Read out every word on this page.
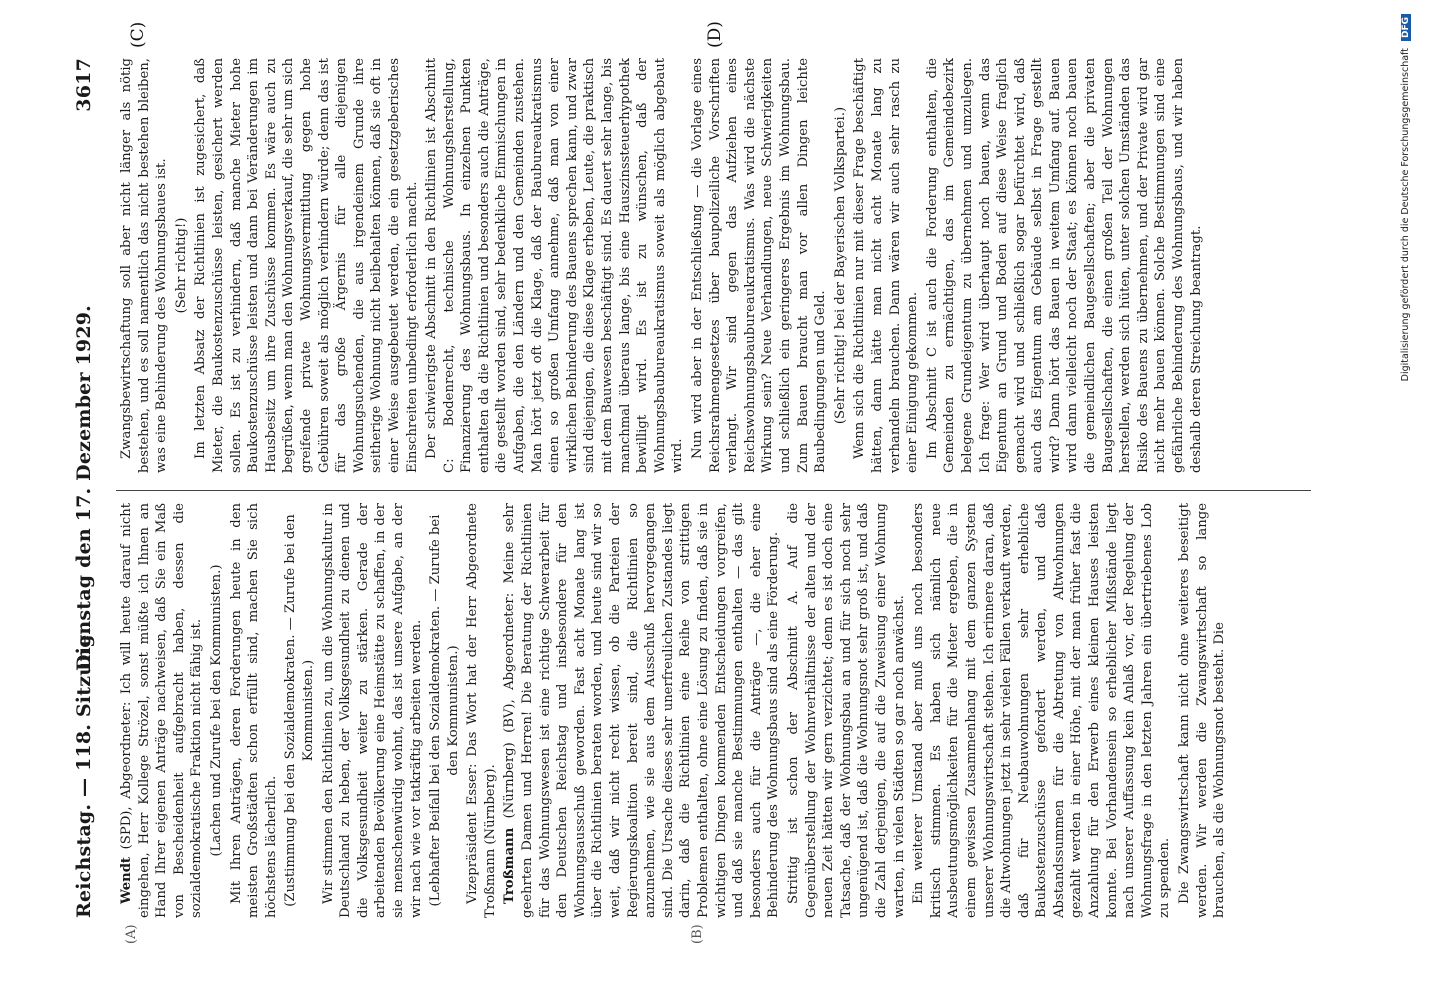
Reichstag. — 118. Sitzung.
Dienstag den 17. Dezember 1929.
3617
(A)	(B)
(C)	(D)

Wendt (SPD), Abgeordneter: Ich will heute darauf nicht eingehen, Herr Kollege Strözel, sonst müßte ich Ihnen an Hand Ihrer eigenen Anträge nachweisen, daß Sie ein Maß von Bescheidenheit aufgebracht haben, dessen die sozialdemokratische Fraktion nicht fähig ist. (Lachen und Zurufe bei den Kommunisten.) Mit Ihren Anträgen, deren Forderungen heute in den meisten Großstädten schon erfüllt sind, machen Sie sich höchstens lächerlich. (Zustimmung bei den Sozialdemokraten. — Zurufe bei den Kommunisten.) Wir stimmen den Richtlinien zu, um die Wohnungskultur in Deutschland zu heben, der Volksgesundheit zu dienen und die Volksgesundheit weiter zu stärken. Gerade der arbeitenden Bevölkerung eine Heimstätte zu schaffen, in der sie menschenwürdig wohnt, das ist unsere Aufgabe, an der wir nach wie vor tatkräftig arbeiten werden. (Lebhafter Beifall bei den Sozialdemokraten. — Zurufe bei den Kommunisten.) Vizepräsident Esser: Das Wort hat der Herr Abgeordnete Troßmann (Nürnberg). Troßmann (Nürnberg) (BV), Abgeordneter: Meine sehr geehrten Damen und Herren! Die Beratung der Richtlinien für das Wohnungswesen ist eine richtige Schwerarbeit für den Deutschen Reichstag und insbesondere für den Wohnungsausschuß geworden. Fast acht Monate lang ist über die Richtlinien beraten worden, und heute sind wir so weit, daß wir nicht recht wissen, ob die Parteien der Regierungskoalition bereit sind, die Richtlinien so anzunehmen, wie sie aus dem Ausschuß hervorgegangen sind. Die Ursache dieses sehr unerfreulichen Zustandes liegt darin, daß die Richtlinien eine Reihe von strittigen Problemen enthalten, ohne eine Lösung zu finden, daß sie in wichtigen Dingen kommenden Entscheidungen vorgreifen, und daß sie manche Bestimmungen enthalten — das gilt besonders auch für die Anträge —, die eher eine Behinderung des Wohnungsbaus sind als eine Förderung. Strittig ist schon der Abschnitt A. Auf die Gegenüberstellung der Wohnverhältnisse der alten und der neuen Zeit hätten wir gern verzichtet; denn es ist doch eine Tatsache, daß der Wohnungsbau an und für sich noch sehr ungenügend ist, daß die Wohnungsnot sehr groß ist, und daß die Zahl derjenigen, die auf die Zuweisung einer Wohnung warten, in vielen Städten so gar noch anwächst. Ein weiterer Umstand aber muß uns noch besonders kritisch stimmen. Es haben sich nämlich neue Ausbeutungsmöglichkeiten für die Mieter ergeben, die in einem gewissen Zusammenhang mit dem ganzen System unserer Wohnungswirtschaft stehen. Ich erinnere daran, daß die Altwohnungen jetzt in sehr vielen Fällen verkauft werden, daß für Neubauwohnungen sehr erhebliche Baukostenzuschüsse gefordert werden, und daß Abstandssummen für die Abtretung von Altwohnungen gezahlt werden in einer Höhe, mit der man früher fast die Anzahlung für den Erwerb eines kleinen Hauses leisten konnte. Bei Vorhandensein so erheblicher Mißstände liegt nach unserer Auffassung kein Anlaß vor, der Regelung der Wohnungsfrage in den letzten Jahren ein übertriebenes Lob zu spenden. Die Zwangswirtschaft kann nicht ohne weiteres beseitigt werden. Wir werden die Zwangswirtschaft so lange brauchen, als die Wohnungsnot besteht. Die

Zwangsbewirtschaftung soll aber nicht länger als nötig bestehen, und es soll namentlich das nicht bestehen bleiben, was eine Behinderung des Wohnungsbaues ist. (Sehr richtig!) Im letzten Absatz der Richtlinien ist zugesichert, daß Mieter, die Baukostenzuschüsse leisten, gesichert werden sollen. Es ist zu verhindern, daß manche Mieter hohe Baukostenzuschüsse leisten und dann bei Veränderungen im Hausbesitz um ihre Zuschüsse kommen. Es wäre auch zu begrüßen, wenn man den Wohnungsverkauf, die sehr um sich greifende private Wohnungsvermittlung gegen hohe Gebühren soweit als möglich verhindern würde; denn das ist für das große Ärgernis für alle diejenigen Wohnungsuchenden, die aus irgendeinem Grunde ihre seitherige Wohnung nicht beibehalten können, daß sie oft in einer Weise ausgebeutet werden, die ein gesetzgeberisches Einschreiten unbedingt erforderlich macht. Der schwierigste Abschnitt in den Richtlinien ist Abschnitt C: Bodenrecht, technische Wohnungsherstellung, Finanzierung des Wohnungsbaus. In einzelnen Punkten enthalten da die Richtlinien und besonders auch die Anträge, die gestellt worden sind, sehr bedenkliche Einmischungen in Aufgaben, die den Ländern und den Gemeinden zustehen. Man hört jetzt oft die Klage, daß der Baubureaukratismus einen so großen Umfang annehme, daß man von einer wirklichen Behinderung des Bauens sprechen kann, und zwar sind diejenigen, die diese Klage erheben, Leute, die praktisch mit dem Bauwesen beschäftigt sind. Es dauert sehr lange, bis manchmal überaus lange, bis eine Hauszinssteuerhypothek bewilligt wird. Es ist zu wünschen, daß der Wohnungsbaubureaukratismus soweit als möglich abgebaut wird. Nun wird aber in der Entschließung — die Vorlage eines Reichsrahmengesetzes über baupolizeiliche Vorschriften verlangt. Wir sind gegen das Aufziehen eines Reichswohnungsbaubureaukratismus. Was wird die nächste Wirkung sein? Neue Verhandlungen, neue Schwierigkeiten und schließlich ein geringeres Ergebnis im Wohnungsbau. Zum Bauen braucht man vor allen Dingen leichte Baubedingungen und Geld. (Sehr richtig! bei der Bayerischen Volkspartei.) Wenn sich die Richtlinien nur mit dieser Frage beschäftigt hätten, dann hätte man nicht acht Monate lang zu verhandeln brauchen. Dann wären wir auch sehr rasch zu einer Einigung gekommen. Im Abschnitt C ist auch die Forderung enthalten, die Gemeinden zu ermächtigen, das im Gemeindebezirk belegene Grundeigentum zu übernehmen und umzulegen. Ich frage: Wer wird überhaupt noch bauen, wenn das Eigentum an Grund und Boden auf diese Weise fraglich gemacht wird und schließlich sogar befürchtet wird, daß auch das Eigentum am Gebäude selbst in Frage gestellt wird? Dann hört das Bauen in weitem Umfang auf. Bauen wird dann vielleicht noch der Staat; es können noch bauen die gemeindlichen Baugesellschaften; aber die privaten Baugesellschaften, die einen großen Teil der Wohnungen herstellen, werden sich hüten, unter solchen Umständen das Risiko des Bauens zu übernehmen, und der Private wird gar nicht mehr bauen können. Solche Bestimmungen sind eine gefährliche Behinderung des Wohnungsbaus, und wir haben deshalb deren Streichung beantragt.	Digitalisierung gefördert durch die Deutsche Forschungsgemeinschaft DFG
